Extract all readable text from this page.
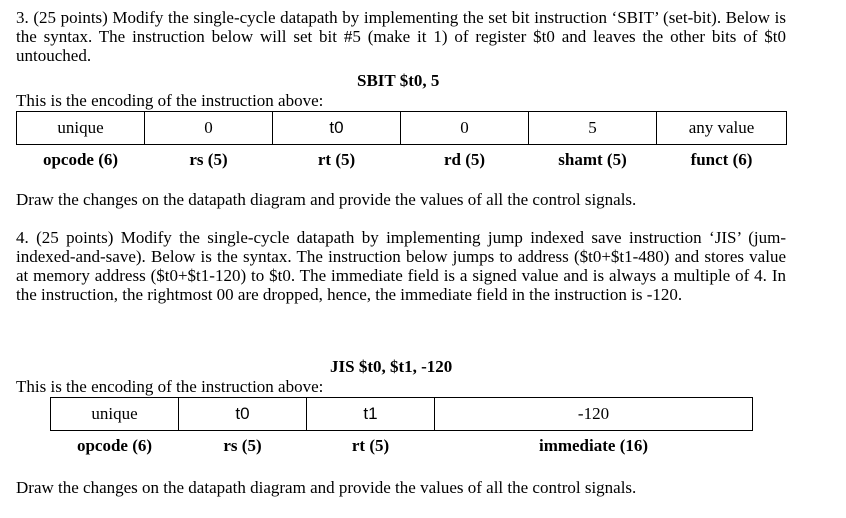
3. (25 points) Modify the single-cycle datapath by implementing the set bit instruction ‘SBIT’ (set-bit). Below is the syntax. The instruction below will set bit #5 (make it 1) of register $t0 and leaves the other bits of $t0 untouched.

SBIT $t0, 5

This is the encoding of the instruction above:

unique	0	t0	0	5	any value
opcode (6)	rs (5)	rt (5)	rd (5)	shamt (5)	funct (6)

Draw the changes on the datapath diagram and provide the values of all the control signals.

4. (25 points) Modify the single-cycle datapath by implementing jump indexed save instruction ‘JIS’ (jum-indexed-and-save). Below is the syntax. The instruction below jumps to address ($t0+$t1-480) and stores value at memory address ($t0+$t1-120) to $t0. The immediate field is a signed value and is always a multiple of 4. In the instruction, the rightmost 00 are dropped, hence, the immediate field in the instruction is -120.

JIS $t0, $t1, -120

This is the encoding of the instruction above:

unique	t0	t1	-120
opcode (6)	rs (5)	rt (5)	immediate (16)

Draw the changes on the datapath diagram and provide the values of all the control signals.
